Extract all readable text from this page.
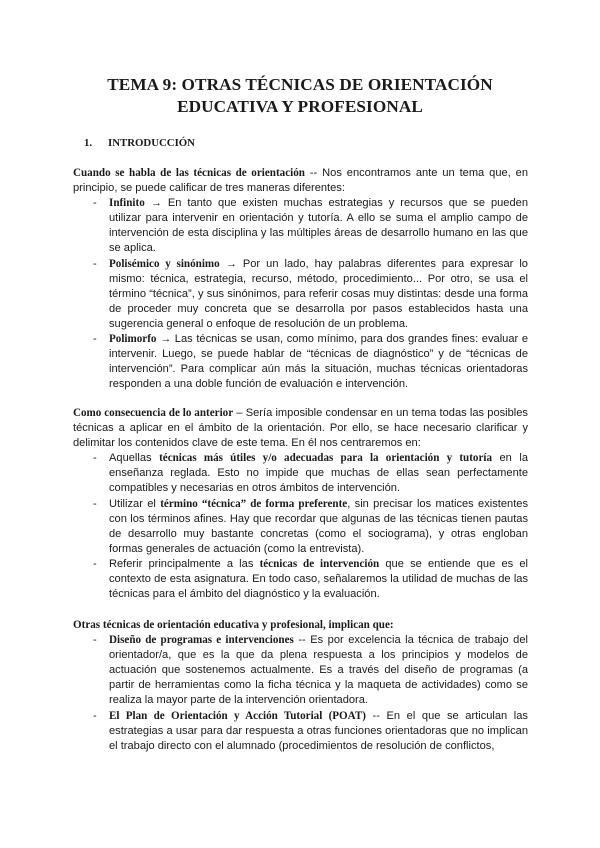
TEMA 9: OTRAS TÉCNICAS DE ORIENTACIÓN
EDUCATIVA Y PROFESIONAL
1. INTRODUCCIÓN

Cuando se habla de las técnicas de orientación -- Nos encontramos ante un tema que, en principio, se puede calificar de tres maneras diferentes:

- Infinito → En tanto que existen muchas estrategias y recursos que se pueden utilizar para intervenir en orientación y tutoría. A ello se suma el amplio campo de intervención de esta disciplina y las múltiples áreas de desarrollo humano en las que se aplica.
- Polisémico y sinónimo → Por un lado, hay palabras diferentes para expresar lo mismo: técnica, estrategia, recurso, método, procedimiento... Por otro, se usa el término “técnica”, y sus sinónimos, para referir cosas muy distintas: desde una forma de proceder muy concreta que se desarrolla por pasos establecidos hasta una sugerencia general o enfoque de resolución de un problema.
- Polimorfo → Las técnicas se usan, como mínimo, para dos grandes fines: evaluar e intervenir. Luego, se puede hablar de “técnicas de diagnóstico” y de “técnicas de intervención”. Para complicar aún más la situación, muchas técnicas orientadoras responden a una doble función de evaluación e intervención.

Como consecuencia de lo anterior – Sería imposible condensar en un tema todas las posibles técnicas a aplicar en el ámbito de la orientación. Por ello, se hace necesario clarificar y delimitar los contenidos clave de este tema. En él nos centraremos en:

- Aquellas técnicas más útiles y/o adecuadas para la orientación y tutoría en la enseñanza reglada. Esto no impide que muchas de ellas sean perfectamente compatibles y necesarias en otros ámbitos de intervención.
- Utilizar el término “técnica” de forma preferente, sin precisar los matices existentes con los términos afines. Hay que recordar que algunas de las técnicas tienen pautas de desarrollo muy bastante concretas (como el sociograma), y otras engloban formas generales de actuación (como la entrevista).
- Referir principalmente a las técnicas de intervención que se entiende que es el contexto de esta asignatura. En todo caso, señalaremos la utilidad de muchas de las técnicas para el ámbito del diagnóstico y la evaluación.

Otras técnicas de orientación educativa y profesional, implican que:

- Diseño de programas e intervenciones -- Es por excelencia la técnica de trabajo del orientador/a, que es la que da plena respuesta a los principios y modelos de actuación que sostenemos actualmente. Es a través del diseño de programas (a partir de herramientas como la ficha técnica y la maqueta de actividades) como se realiza la mayor parte de la intervención orientadora.
- El Plan de Orientación y Acción Tutorial (POAT) -- En el que se articulan las estrategias a usar para dar respuesta a otras funciones orientadoras que no implican el trabajo directo con el alumnado (procedimientos de resolución de conflictos,
